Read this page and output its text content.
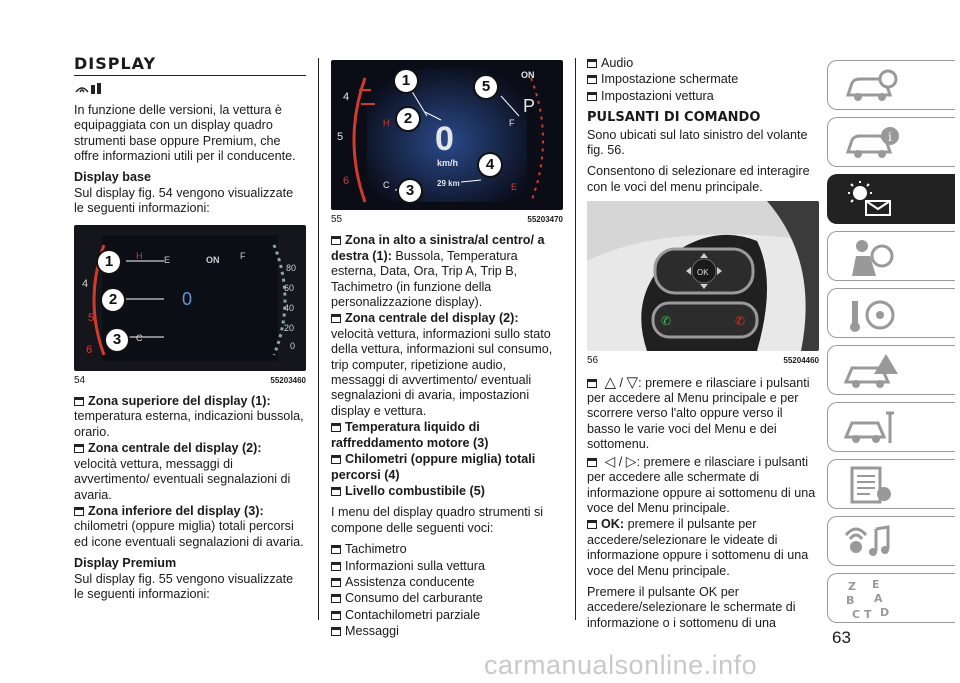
DISPLAY

In funzione delle versioni, la vettura è equipaggiata con un display quadro strumenti base oppure Premium, che offre informazioni utili per il conducente.

Display base

Sul display fig. 54 vengono visualizzate le seguenti informazioni:

E	ON
H
C
F
0
80
60
40
20
0
4
5
6
1
2
3
54	55203460
Zona superiore del display (1):
temperatura esterna, indicazioni bussola, orario.
Zona centrale del display (2): velocità vettura, messaggi di avvertimento/ eventuali segnalazioni di avaria.
Zona inferiore del display (3):
chilometri (oppure miglia) totali percorsi ed icone eventuali segnalazioni di avaria.
Display Premium

Sul display fig. 55 vengono visualizzate le seguenti informazioni:

ON
P
H
C
F
E
0
km/h
29 km
4
5
6
1
2
3
4
5
55	55203470
Zona in alto a sinistra/al centro/ a destra (1): Bussola, Temperatura esterna, Data, Ora, Trip A, Trip B, Tachimetro (in funzione della personalizzazione display).
Zona centrale del display (2): velocità vettura, informazioni sullo stato della vettura, informazioni sul consumo, trip computer, ripetizione audio, messaggi di avvertimento/ eventuali segnalazioni di avaria, impostazioni display e vettura.
Temperatura liquido di raffreddamento motore (3)
Chilometri (oppure miglia) totali percorsi (4)
Livello combustibile (5)

I menu del display quadro strumenti si compone delle seguenti voci:

Tachimetro
Informazioni sulla vettura
Assistenza conducente
Consumo del carburante
Contachilometri parziale
Messaggi
Audio
Impostazione schermate
Impostazioni vettura
PULSANTI DI COMANDO

Sono ubicati sul lato sinistro del volante fig. 56.

Consentono di selezionare ed interagire con le voci del menu principale.

OK
✆	✆
56	55204460
△ / ▽: premere e rilasciare i pulsanti per accedere al Menu principale e per scorrere verso l'alto oppure verso il basso le varie voci del Menu e dei sottomenu.
◁ / ▷: premere e rilasciare i pulsanti per accedere alle schermate di informazione oppure ai sottomenu di una voce del Menu principale.
OK: premere il pulsante per accedere/selezionare le videate di informazione oppure i sottomenu di una voce del Menu principale.

Premere il pulsante OK per accedere/selezionare le schermate di informazione o i sottomenu di una

i
Z E
B A
C T D
63
carmanualsonline.info
